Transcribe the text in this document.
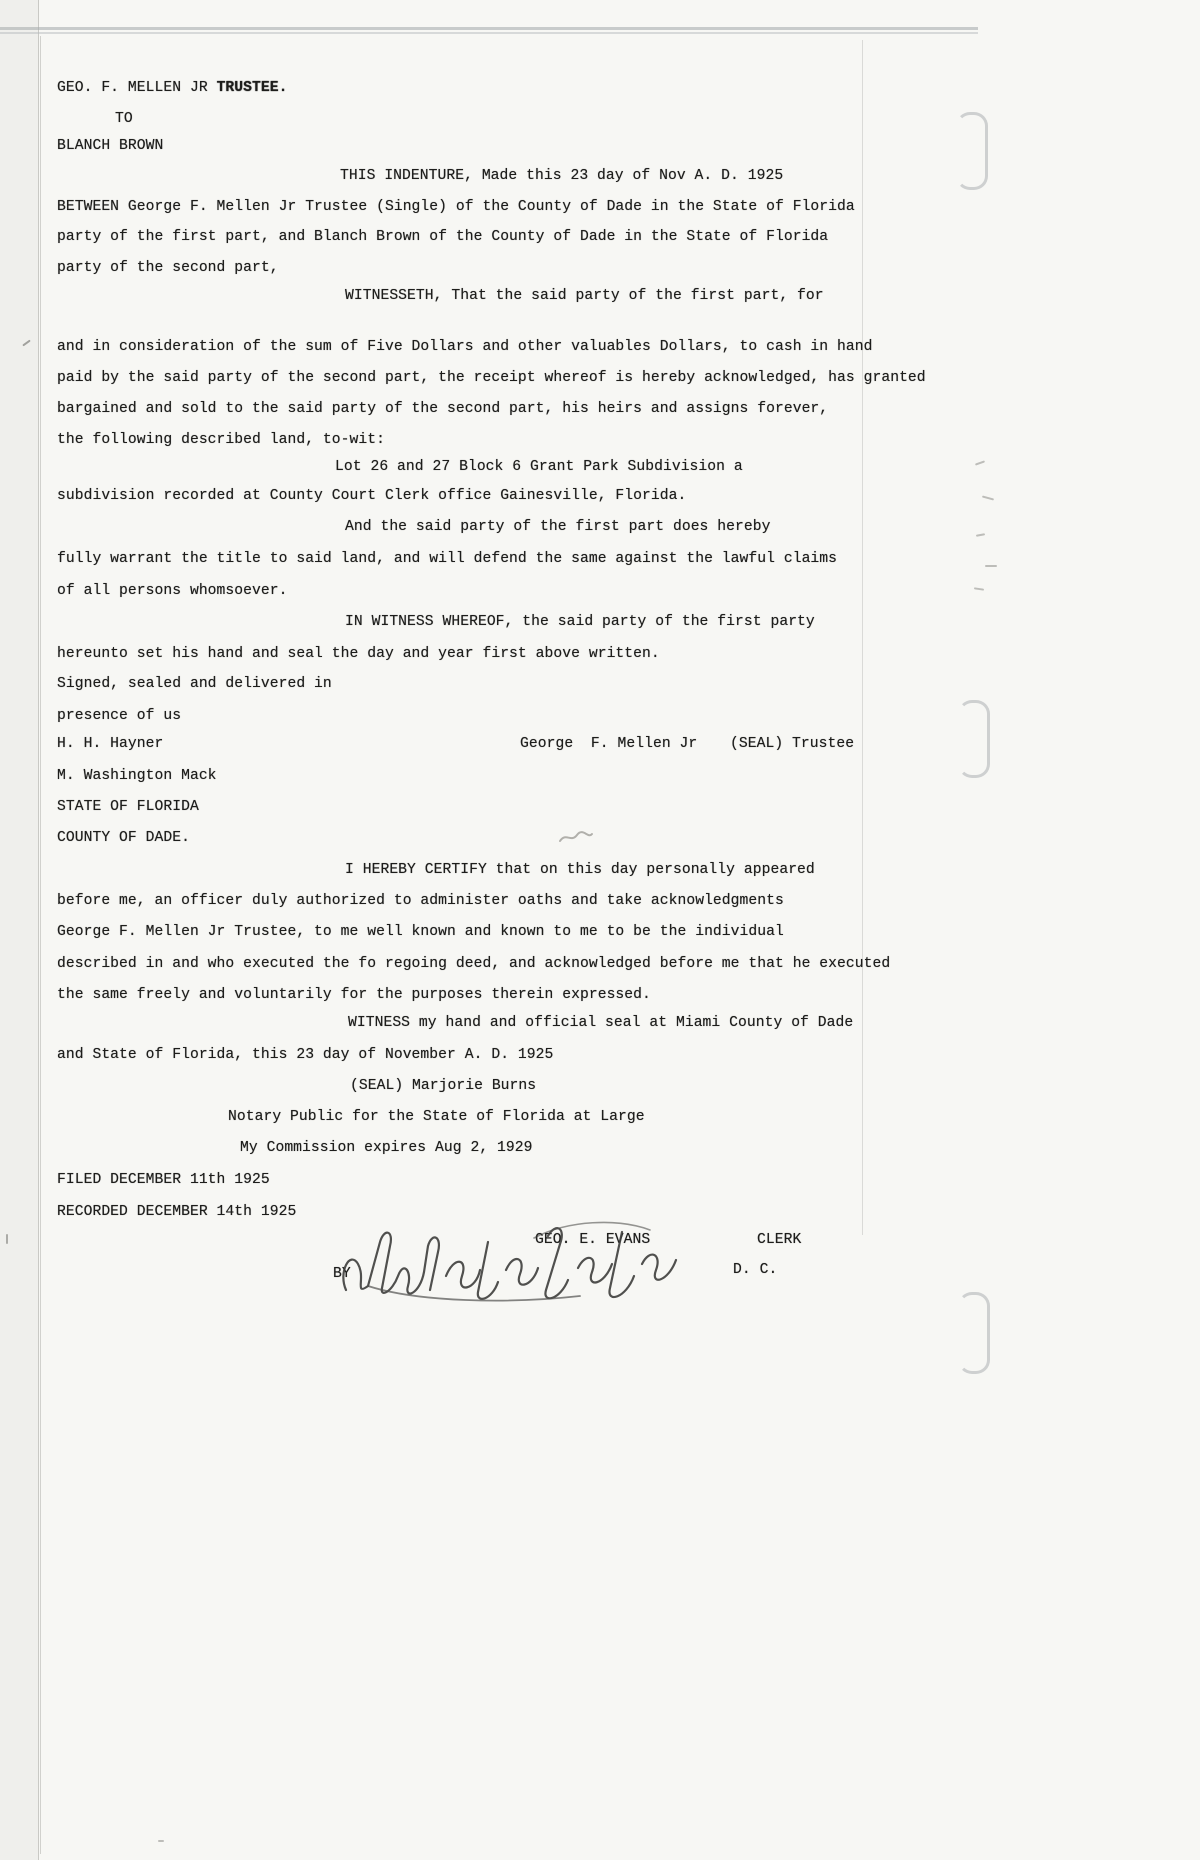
GEO. F. MELLEN JR TRUSTEE.
TO
BLANCH BROWN
THIS INDENTURE, Made this 23 day of Nov A. D. 1925
BETWEEN George F. Mellen Jr Trustee (Single) of the County of Dade in the State of Florida
party of the first part, and Blanch Brown of the County of Dade in the State of Florida
party of the second part,
WITNESSETH, That the said party of the first part, for
and in consideration of the sum of Five Dollars and other valuables Dollars, to cash in hand
paid by the said party of the second part, the receipt whereof is hereby acknowledged, has granted
bargained and sold to the said party of the second part, his heirs and assigns forever,
the following described land, to-wit:
Lot 26 and 27 Block 6 Grant Park Subdivision a
subdivision recorded at County Court Clerk office Gainesville, Florida.
And the said party of the first part does hereby
fully warrant the title to said land, and will defend the same against the lawful claims
of all persons whomsoever.
IN WITNESS WHEREOF, the said party of the first party
hereunto set his hand and seal the day and year first above written.
Signed, sealed and delivered in
presence of us
H. H. Hayner
M. Washington Mack
STATE OF FLORIDA
COUNTY OF DADE.
I HEREBY CERTIFY that on this day personally appeared
before me, an officer duly authorized to administer oaths and take acknowledgments
George F. Mellen Jr Trustee, to me well known and known to me to be the individual
described in and who executed the fo regoing deed, and acknowledged before me that he executed
the same freely and voluntarily for the purposes therein expressed.
WITNESS my hand and official seal at Miami County of Dade
and State of Florida, this 23 day of November A. D. 1925
(SEAL) Marjorie Burns
Notary Public for the State of Florida at Large
My Commission expires Aug 2, 1929
FILED DECEMBER 11th 1925
RECORDED DECEMBER 14th 1925
George  F. Mellen Jr (SEAL) Trustee
GEO. E. EVANS	CLERK
BY	D. C.
